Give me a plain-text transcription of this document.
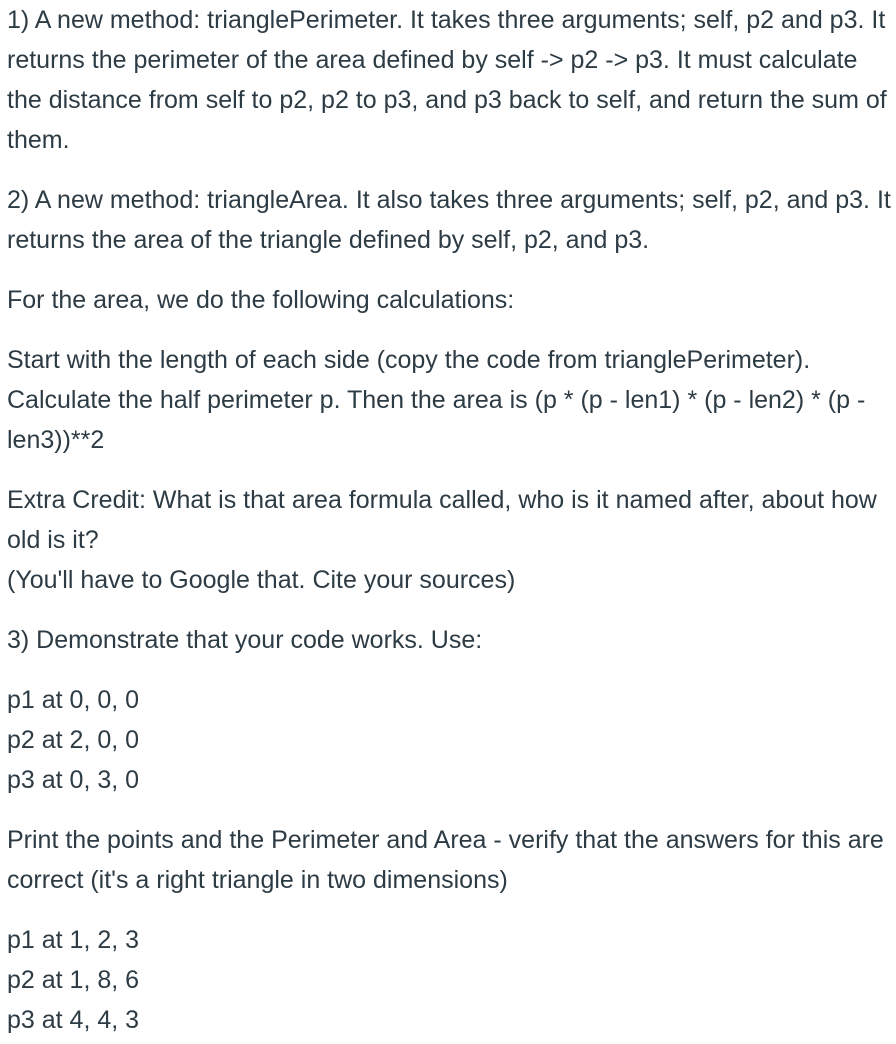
1) A new method: trianglePerimeter. It takes three arguments; self, p2 and p3. It returns the perimeter of the area defined by self -> p2 -> p3. It must calculate the distance from self to p2, p2 to p3, and p3 back to self, and return the sum of them.

2) A new method: triangleArea. It also takes three arguments; self, p2, and p3. It returns the area of the triangle defined by self, p2, and p3.

For the area, we do the following calculations:

Start with the length of each side (copy the code from trianglePerimeter). Calculate the half perimeter p. Then the area is (p * (p - len1) * (p - len2) * (p - len3))**2

Extra Credit: What is that area formula called, who is it named after, about how old is it?
(You'll have to Google that. Cite your sources)

3) Demonstrate that your code works. Use:

p1 at 0, 0, 0
p2 at 2, 0, 0
p3 at 0, 3, 0

Print the points and the Perimeter and Area - verify that the answers for this are correct (it's a right triangle in two dimensions)

p1 at 1, 2, 3
p2 at 1, 8, 6
p3 at 4, 4, 3
